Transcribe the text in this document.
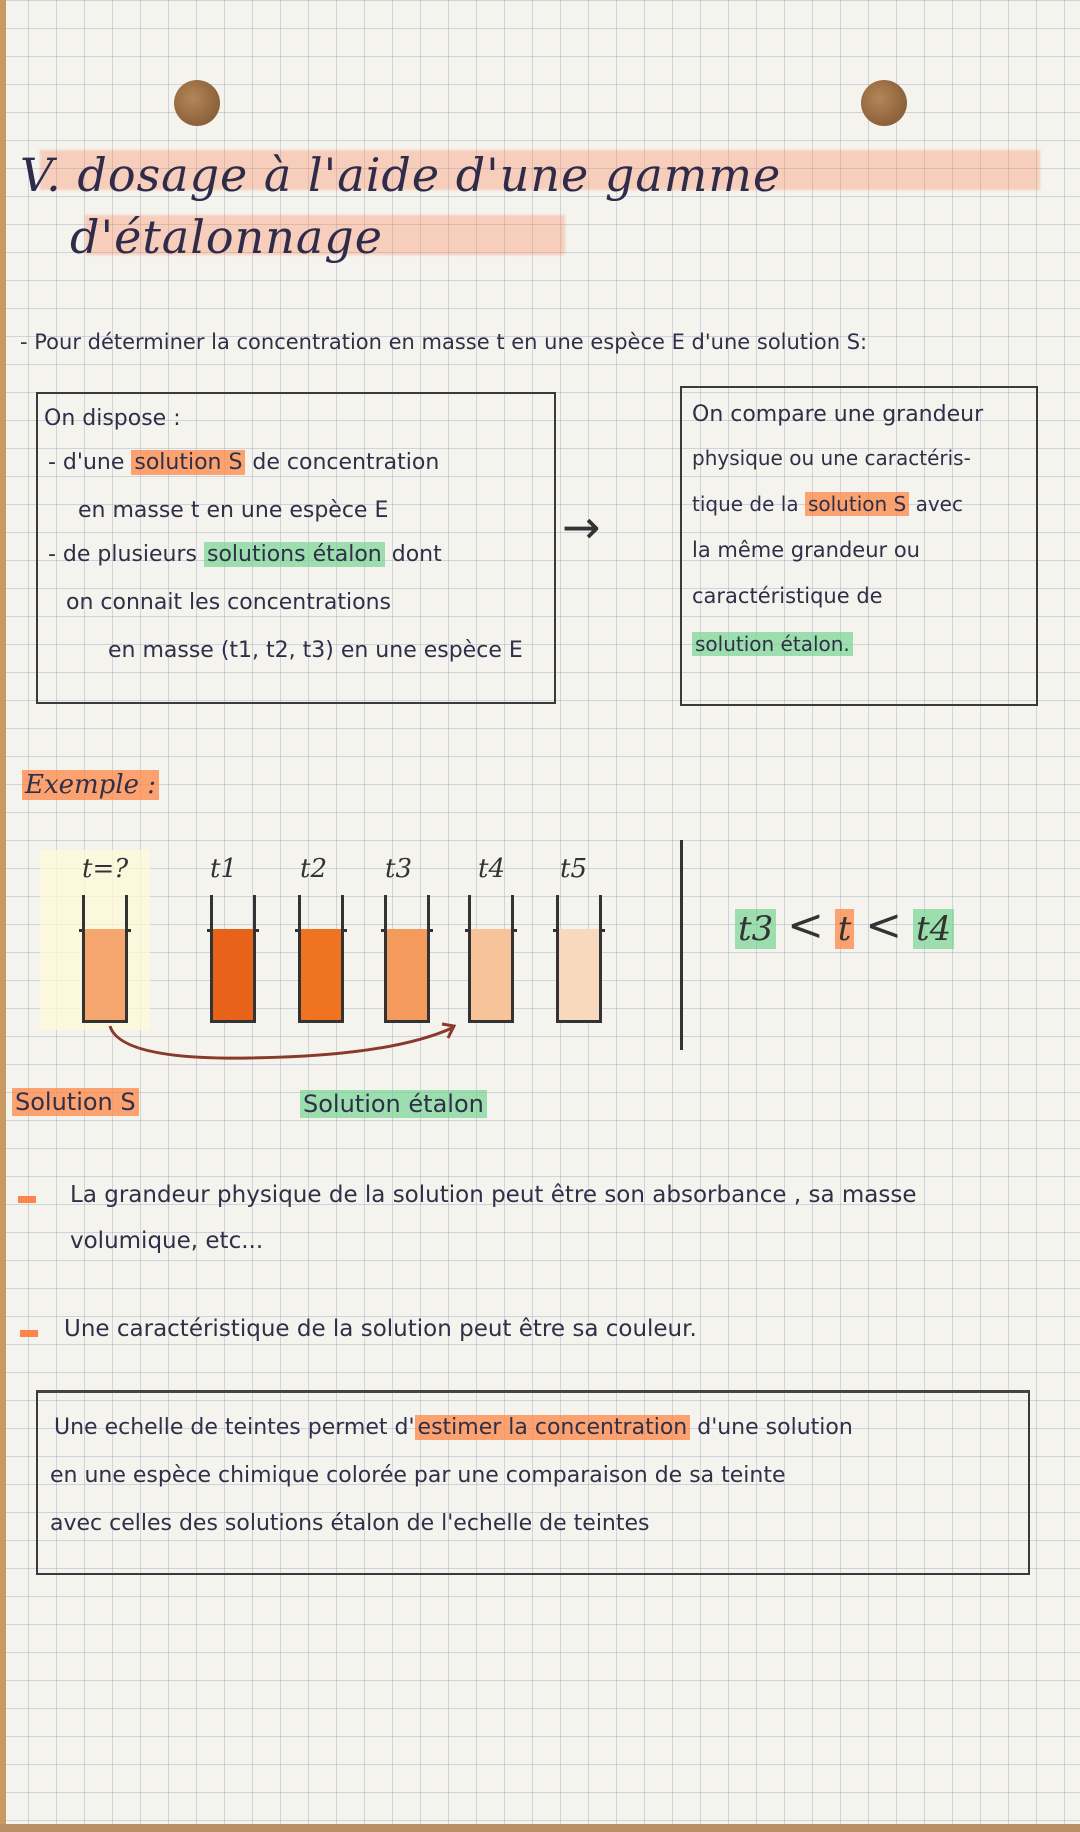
V. dosage à l'aide d'une gamme
d'étalonnage
- Pour déterminer la concentration en masse t en une espèce E d'une solution S:
On dispose :
- d'une solution S de concentration
en masse t en une espèce E
- de plusieurs solutions étalon dont
on connait les concentrations
en masse (t1, t2, t3) en une espèce E
→
On compare une grandeur
physique ou une caractéris-
tique de la solution S avec
la même grandeur ou
caractéristique de
solution étalon.
Exemple :
t=?	t1 t2 t3	t4 t5
t3 < t < t4
Solution S	Solution étalon
La grandeur physique de la solution peut être son absorbance , sa masse
volumique, etc...
Une caractéristique de la solution peut être sa couleur.
Une echelle de teintes permet d' estimer la concentration d'une solution
en une espèce chimique colorée par une comparaison de sa teinte
avec celles des solutions étalon de l'echelle de teintes
